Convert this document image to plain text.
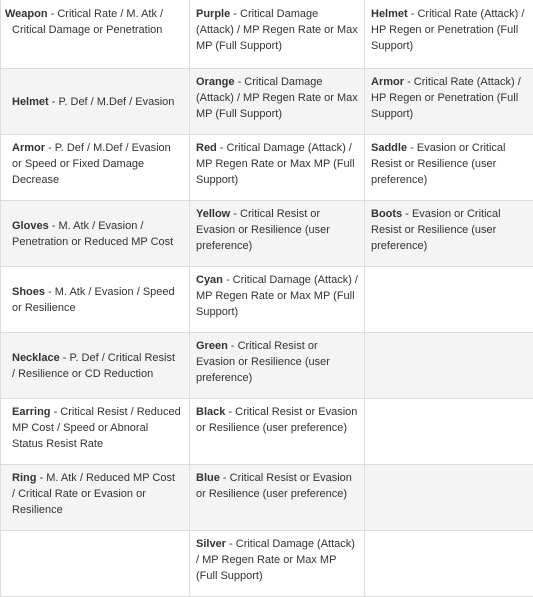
Weapon - Critical Rate / M. Atk / Critical Damage or Penetration	Purple - Critical Damage (Attack) / MP Regen Rate or Max MP (Full Support)	Helmet - Critical Rate (Attack) / HP Regen or Penetration (Full Support)
Helmet - P. Def / M.Def / Evasion	Orange - Critical Damage (Attack) / MP Regen Rate or Max MP (Full Support)	Armor - Critical Rate (Attack) / HP Regen or Penetration (Full Support)
Armor - P. Def / M.Def / Evasion or Speed or Fixed Damage Decrease	Red - Critical Damage (Attack) / MP Regen Rate or Max MP (Full Support)	Saddle - Evasion or Critical Resist or Resilience (user preference)
Gloves - M. Atk / Evasion / Penetration or Reduced MP Cost	Yellow - Critical Resist or Evasion or Resilience (user preference)	Boots - Evasion or Critical Resist or Resilience (user preference)
Shoes - M. Atk / Evasion / Speed or Resilience	Cyan - Critical Damage (Attack) / MP Regen Rate or Max MP (Full Support)	
Necklace - P. Def / Critical Resist / Resilience or CD Reduction	Green - Critical Resist or Evasion or Resilience (user preference)	
Earring - Critical Resist / Reduced MP Cost / Speed or Abnoral Status Resist Rate	Black - Critical Resist or Evasion or Resilience (user preference)	
Ring - M. Atk / Reduced MP Cost / Critical Rate or Evasion or Resilience	Blue - Critical Resist or Evasion or Resilience (user preference)	
	Silver - Critical Damage (Attack) / MP Regen Rate or Max MP (Full Support)	
